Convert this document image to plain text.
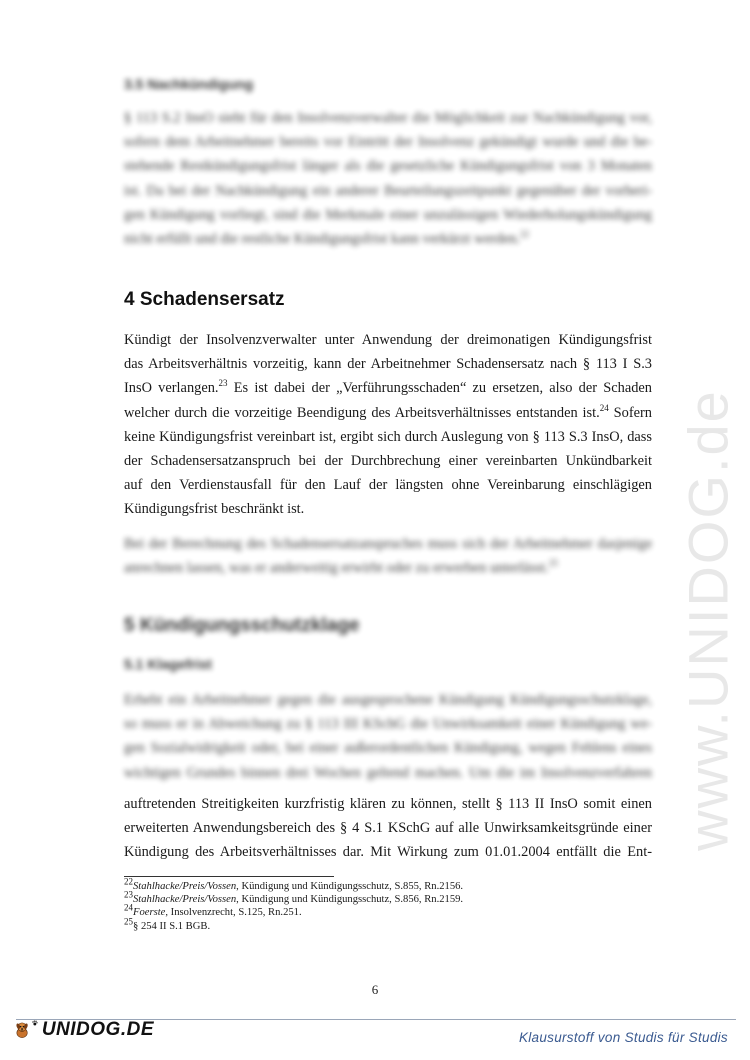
www.UNIDOG.de
3.5 Nachkündigung
§ 113 S.2 InsO sieht für den Insolvenzverwalter die Möglichkeit zur Nachkündigung vor,
sofern dem Arbeitnehmer bereits vor Eintritt der Insolvenz gekündigt wurde und die be-
stehende Restkündigungsfrist länger als die gesetzliche Kündigungsfrist von 3 Monaten
ist. Da bei der Nachkündigung ein anderer Beurteilungszeitpunkt gegenüber der vorheri-
gen Kündigung vorliegt, sind die Merkmale einer unzulässigen Wiederholungskündigung
nicht erfüllt und die restliche Kündigungsfrist kann verkürzt werden.$^{22}$
4 Schadensersatz
Kündigt der Insolvenzverwalter unter Anwendung der dreimonatigen Kündigungsfrist
das Arbeitsverhältnis vorzeitig, kann der Arbeitnehmer Schadensersatz nach § 113 I S.3
InsO verlangen.$^{23}$ Es ist dabei der „Verführungsschaden“ zu ersetzen, also der Schaden
welcher durch die vorzeitige Beendigung des Arbeitsverhältnisses entstanden ist.$^{24}$ Sofern
keine Kündigungsfrist vereinbart ist, ergibt sich durch Auslegung von § 113 S.3 InsO, dass
der Schadensersatzanspruch bei der Durchbrechung einer vereinbarten Unkündbarkeit
auf den Verdienstausfall für den Lauf der längsten ohne Vereinbarung einschlägigen
Kündigungsfrist beschränkt ist.
Bei der Berechnung des Schadensersatzanspruches muss sich der Arbeitnehmer dasjenige
anrechnen lassen, was er anderweitig erwirbt oder zu erwerben unterlässt.$^{25}$
5 Kündigungsschutzklage
5.1 Klagefrist
Erhebt ein Arbeitnehmer gegen die ausgesprochene Kündigung Kündigungsschutzklage,
so muss er in Abweichung zu § 113 III KSchG die Unwirksamkeit einer Kündigung we-
gen Sozialwidrigkeit oder, bei einer außerordentlichen Kündigung, wegen Fehlens eines
wichtigen Grundes binnen drei Wochen geltend machen. Um die im Insolvenzverfahren
auftretenden Streitigkeiten kurzfristig klären zu können, stellt § 113 II InsO somit einen
erweiterten Anwendungsbereich des § 4 S.1 KSchG auf alle Unwirksamkeitsgründe einer
Kündigung des Arbeitsverhältnisses dar. Mit Wirkung zum 01.01.2004 entfällt die Ent-
$^{22}$Stahlhacke/Preis/Vossen, Kündigung und Kündigungsschutz, S.855, Rn.2156.
$^{23}$Stahlhacke/Preis/Vossen, Kündigung und Kündigungsschutz, S.856, Rn.2159.
$^{24}$Foerste, Insolvenzrecht, S.125, Rn.251.
$^{25}$§ 254 II S.1 BGB.
6
UNIDOG.DE	Klausurstoff von Studis für Studis
